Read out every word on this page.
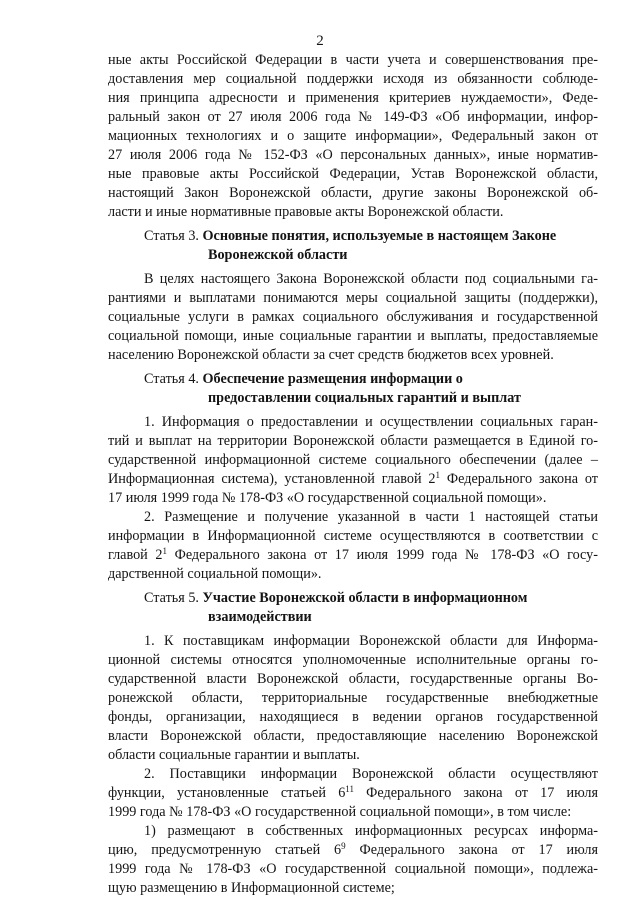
2
ные акты Российской Федерации в части учета и совершенствования пре-
доставления мер социальной поддержки исходя из обязанности соблюде-
ния принципа адресности и применения критериев нуждаемости», Феде-
ральный закон от 27 июля 2006 года № 149-ФЗ «Об информации, инфор-
мационных технологиях и о защите информации», Федеральный закон от
27 июля 2006 года № 152-ФЗ «О персональных данных», иные норматив-
ные правовые акты Российской Федерации, Устав Воронежской области,
настоящий Закон Воронежской области, другие законы Воронежской об-
ласти и иные нормативные правовые акты Воронежской области.
Статья 3. Основные понятия, используемые в настоящем Законе
Воронежской области
В целях настоящего Закона Воронежской области под социальными га-
рантиями и выплатами понимаются меры социальной защиты (поддержки),
социальные услуги в рамках социального обслуживания и государственной
социальной помощи, иные социальные гарантии и выплаты, предоставляемые
населению Воронежской области за счет средств бюджетов всех уровней.
Статья 4. Обеспечение размещения информации о
предоставлении социальных гарантий и выплат
1. Информация о предоставлении и осуществлении социальных гаран-
тий и выплат на территории Воронежской области размещается в Единой го-
сударственной информационной системе социального обеспечении (далее –
Информационная система), установленной главой $2^1$ Федерального закона от
17 июля 1999 года № 178-ФЗ «О государственной социальной помощи».
2. Размещение и получение указанной в части 1 настоящей статьи
информации в Информационной системе осуществляются в соответствии с
главой $2^1$ Федерального закона от 17 июля 1999 года № 178-ФЗ «О госу-
дарственной социальной помощи».
Статья 5. Участие Воронежской области в информационном
взаимодействии
1. К поставщикам информации Воронежской области для Информа-
ционной системы относятся уполномоченные исполнительные органы го-
сударственной власти Воронежской области, государственные органы Во-
ронежской области, территориальные государственные внебюджетные
фонды, организации, находящиеся в ведении органов государственной
власти Воронежской области, предоставляющие населению Воронежской
области социальные гарантии и выплаты.
2. Поставщики информации Воронежской области осуществляют
функции, установленные статьей $6^{11}$ Федерального закона от 17 июля
1999 года № 178-ФЗ «О государственной социальной помощи», в том числе:
1) размещают в собственных информационных ресурсах информа-
цию, предусмотренную статьей $6^9$ Федерального закона от 17 июля
1999 года № 178-ФЗ «О государственной социальной помощи», подлежа-
щую размещению в Информационной системе;
